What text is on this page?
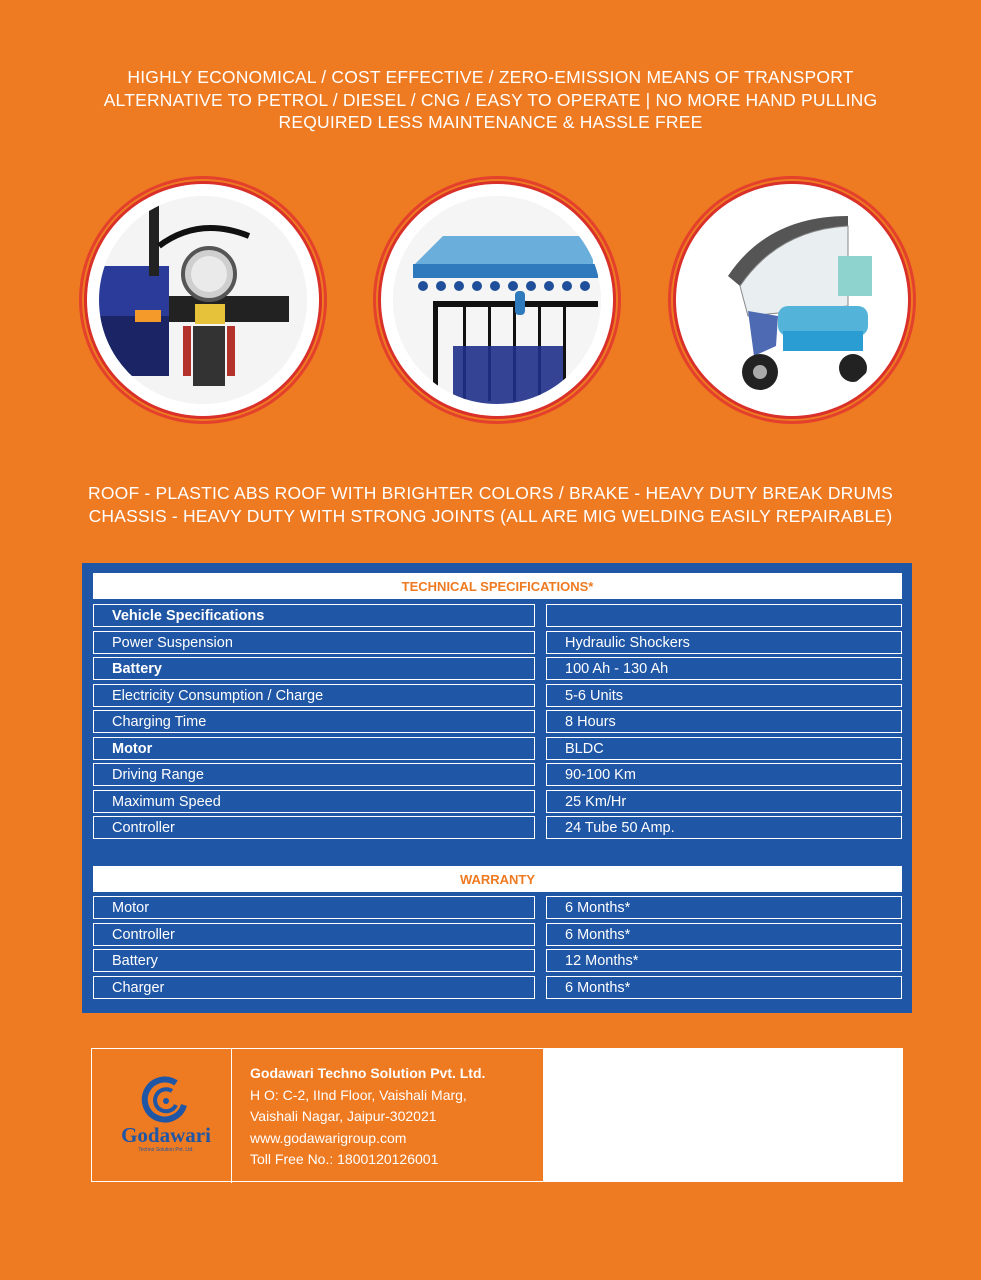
HIGHLY ECONOMICAL / COST EFFECTIVE / ZERO-EMISSION MEANS OF TRANSPORT
ALTERNATIVE TO PETROL / DIESEL / CNG / EASY TO OPERATE | NO MORE HAND PULLING
REQUIRED LESS MAINTENANCE & HASSLE FREE
ROOF - PLASTIC ABS ROOF WITH BRIGHTER COLORS / BRAKE - HEAVY DUTY BREAK DRUMS
CHASSIS - HEAVY DUTY WITH STRONG JOINTS (ALL ARE MIG WELDING EASILY REPAIRABLE)
TECHNICAL SPECIFICATIONS*
Vehicle Specifications
Power Suspension	Hydraulic Shockers
Battery	100 Ah - 130 Ah
Electricity Consumption / Charge	5-6 Units
Charging Time	8 Hours
Motor	BLDC
Driving Range	90-100 Km
Maximum Speed	25 Km/Hr
Controller	24 Tube 50 Amp.
WARRANTY
Motor	6 Months*
Controller	6 Months*
Battery	12 Months*
Charger	6 Months*
Godawari
Techno Solution Pvt. Ltd.
Godawari Techno Solution Pvt. Ltd.
H O: C-2, IInd Floor, Vaishali Marg,
Vaishali Nagar, Jaipur-302021
www.godawarigroup.com
Toll Free No.: 1800120126001
